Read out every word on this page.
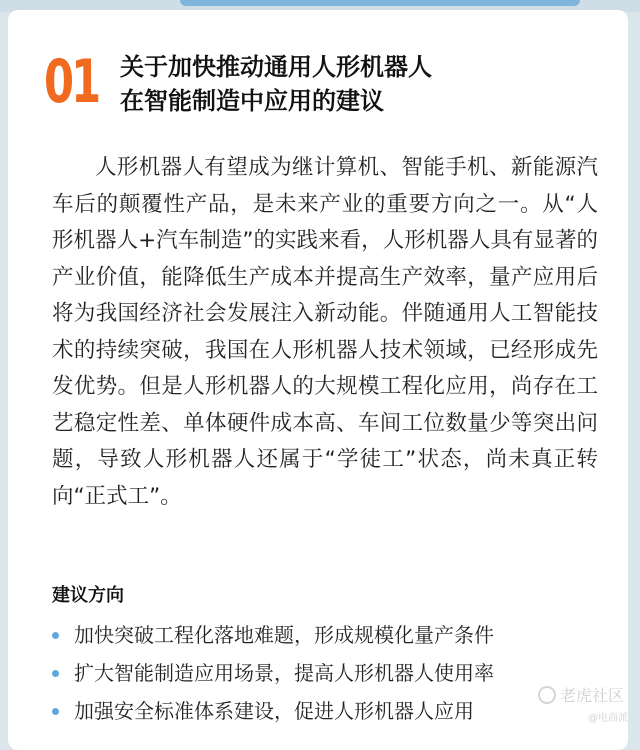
01 关于加快推动通用人形机器人
在智能制造中应用的建议
人形机器人有望成为继计算机、智能手机、新能源汽车后的颠覆性产品，是未来产业的重要方向之一。从“人形机器人+汽车制造”的实践来看，人形机器人具有显著的产业价值，能降低生产成本并提高生产效率，量产应用后将为我国经济社会发展注入新动能。伴随通用人工智能技术的持续突破，我国在人形机器人技术领域，已经形成先发优势。但是人形机器人的大规模工程化应用，尚存在工艺稳定性差、单体硬件成本高、车间工位数量少等突出问题，导致人形机器人还属于“学徒工”状态，尚未真正转向“正式工”。
建议方向
加快突破工程化落地难题，形成规模化量产条件
扩大智能制造应用场景，提高人形机器人使用率
加强安全标准体系建设，促进人形机器人应用
老虎社区
@电商派
